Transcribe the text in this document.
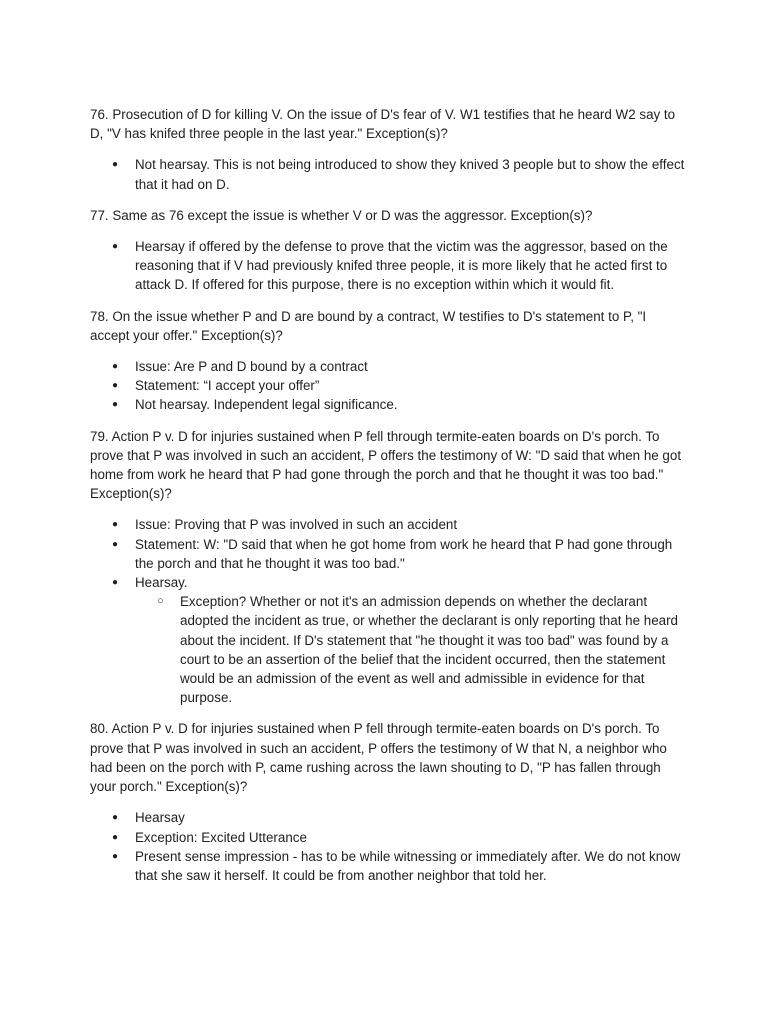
76. Prosecution of D for killing V. On the issue of D's fear of V. W1 testifies that he heard W2 say to D, "V has knifed three people in the last year." Exception(s)?

● Not hearsay. This is not being introduced to show they knived 3 people but to show the effect that it had on D.

77. Same as 76 except the issue is whether V or D was the aggressor. Exception(s)?

● Hearsay if offered by the defense to prove that the victim was the aggressor, based on the reasoning that if V had previously knifed three people, it is more likely that he acted first to attack D. If offered for this purpose, there is no exception within which it would fit.

78. On the issue whether P and D are bound by a contract, W testifies to D's statement to P, "I accept your offer." Exception(s)?

● Issue: Are P and D bound by a contract
● Statement: “I accept your offer”
● Not hearsay. Independent legal significance.

79. Action P v. D for injuries sustained when P fell through termite-eaten boards on D's porch. To prove that P was involved in such an accident, P offers the testimony of W: "D said that when he got home from work he heard that P had gone through the porch and that he thought it was too bad." Exception(s)?

● Issue: Proving that P was involved in such an accident
● Statement: W: "D said that when he got home from work he heard that P had gone through the porch and that he thought it was too bad."
● Hearsay.
○ Exception? Whether or not it's an admission depends on whether the declarant adopted the incident as true, or whether the declarant is only reporting that he heard about the incident. If D's statement that "he thought it was too bad" was found by a court to be an assertion of the belief that the incident occurred, then the statement would be an admission of the event as well and admissible in evidence for that purpose.

80. Action P v. D for injuries sustained when P fell through termite-eaten boards on D's porch. To prove that P was involved in such an accident, P offers the testimony of W that N, a neighbor who had been on the porch with P, came rushing across the lawn shouting to D, "P has fallen through your porch." Exception(s)?

● Hearsay
● Exception: Excited Utterance
● Present sense impression - has to be while witnessing or immediately after. We do not know that she saw it herself. It could be from another neighbor that told her.
